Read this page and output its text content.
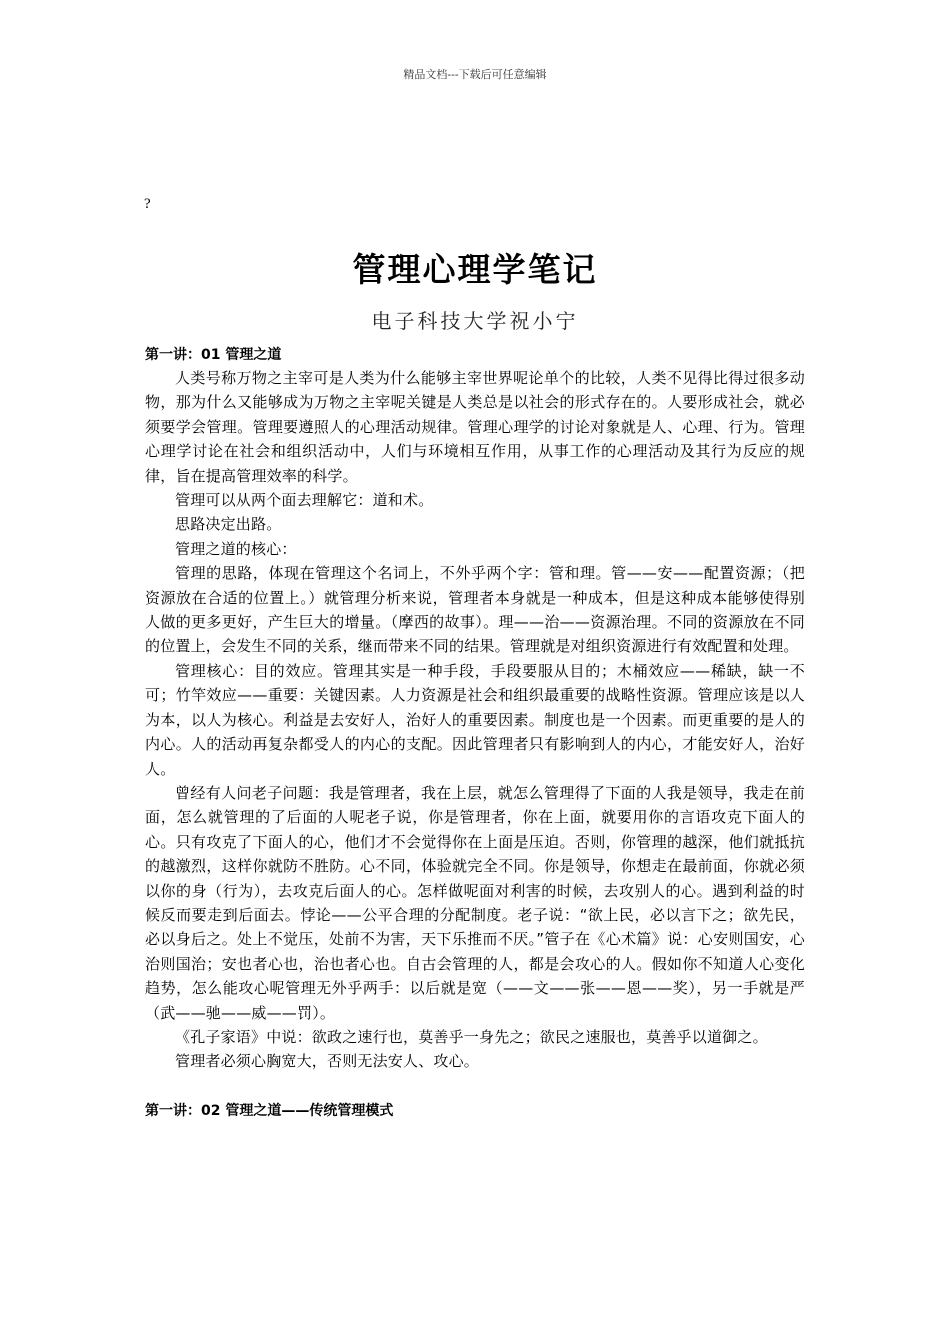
精品文档---下载后可任意编辑
?
管理心理学笔记
电子科技大学祝小宁
第一讲：01 管理之道

人类号称万物之主宰可是人类为什么能够主宰世界呢论单个的比较，人类不见得比得过很多动物，那为什么又能够成为万物之主宰呢关键是人类总是以社会的形式存在的。人要形成社会，就必须要学会管理。管理要遵照人的心理活动规律。管理心理学的讨论对象就是人、心理、行为。管理心理学讨论在社会和组织活动中，人们与环境相互作用，从事工作的心理活动及其行为反应的规律，旨在提高管理效率的科学。

管理可以从两个面去理解它：道和术。

思路决定出路。

管理之道的核心：

管理的思路，体现在管理这个名词上，不外乎两个字：管和理。管——安——配置资源；（把资源放在合适的位置上。）就管理分析来说，管理者本身就是一种成本，但是这种成本能够使得别人做的更多更好，产生巨大的增量。（摩西的故事）。理——治——资源治理。不同的资源放在不同的位置上，会发生不同的关系，继而带来不同的结果。管理就是对组织资源进行有效配置和处理。

管理核心：目的效应。管理其实是一种手段，手段要服从目的；木桶效应——稀缺，缺一不可；竹竿效应——重要：关键因素。人力资源是社会和组织最重要的战略性资源。管理应该是以人为本，以人为核心。利益是去安好人，治好人的重要因素。制度也是一个因素。而更重要的是人的内心。人的活动再复杂都受人的内心的支配。因此管理者只有影响到人的内心，才能安好人，治好人。

曾经有人问老子问题：我是管理者，我在上层，就怎么管理得了下面的人我是领导，我走在前面，怎么就管理的了后面的人呢老子说，你是管理者，你在上面，就要用你的言语攻克下面人的心。只有攻克了下面人的心，他们才不会觉得你在上面是压迫。否则，你管理的越深，他们就抵抗的越激烈，这样你就防不胜防。心不同，体验就完全不同。你是领导，你想走在最前面，你就必须以你的身（行为），去攻克后面人的心。怎样做呢面对利害的时候，去攻别人的心。遇到利益的时候反而要走到后面去。悖论——公平合理的分配制度。老子说：“欲上民，必以言下之；欲先民，必以身后之。处上不觉压，处前不为害，天下乐推而不厌。”管子在《心术篇》说：心安则国安，心治则国治；安也者心也，治也者心也。自古会管理的人，都是会攻心的人。假如你不知道人心变化趋势，怎么能攻心呢管理无外乎两手：以后就是宽（——文——张——恩——奖），另一手就是严（武——驰——威——罚）。

《孔子家语》中说：欲政之速行也，莫善乎一身先之；欲民之速服也，莫善乎以道御之。

管理者必须心胸宽大，否则无法安人、攻心。

第一讲：02 管理之道——传统管理模式
